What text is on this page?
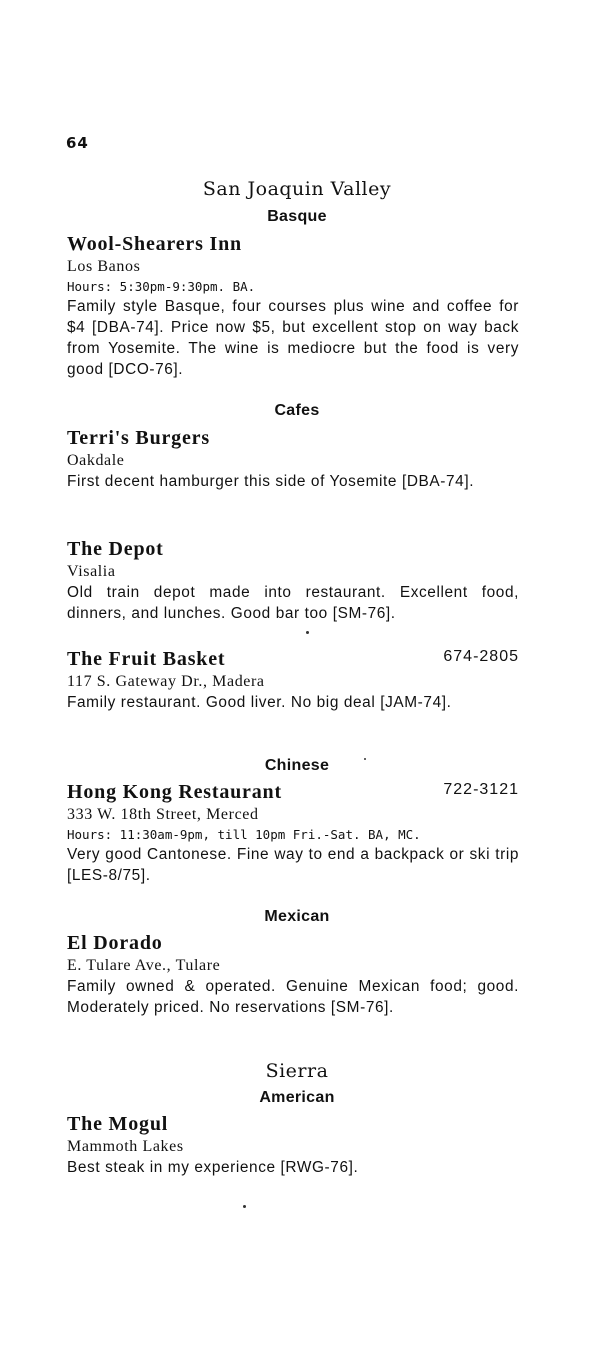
64
San Joaquin Valley
Basque
Wool-Shearers Inn
Los Banos
Hours: 5:30pm-9:30pm. BA.
Family style Basque, four courses plus wine and coffee for $4 [DBA-74]. Price now $5, but excellent stop on way back from Yosemite. The wine is mediocre but the food is very good [DCO-76].
Cafes
Terri's Burgers
Oakdale
First decent hamburger this side of Yosemite [DBA-74].
The Depot
Visalia
Old train depot made into restaurant. Excellent food, dinners, and lunches. Good bar too [SM-76].
The Fruit Basket	674-2805
117 S. Gateway Dr., Madera
Family restaurant. Good liver. No big deal [JAM-74].
Chinese
Hong Kong Restaurant	722-3121
333 W. 18th Street, Merced
Hours: 11:30am-9pm, till 10pm Fri.-Sat. BA, MC.
Very good Cantonese. Fine way to end a backpack or ski trip [LES-8/75].
Mexican
El Dorado
E. Tulare Ave., Tulare
Family owned & operated. Genuine Mexican food; good. Moderately priced. No reservations [SM-76].
Sierra
American
The Mogul
Mammoth Lakes
Best steak in my experience [RWG-76].
